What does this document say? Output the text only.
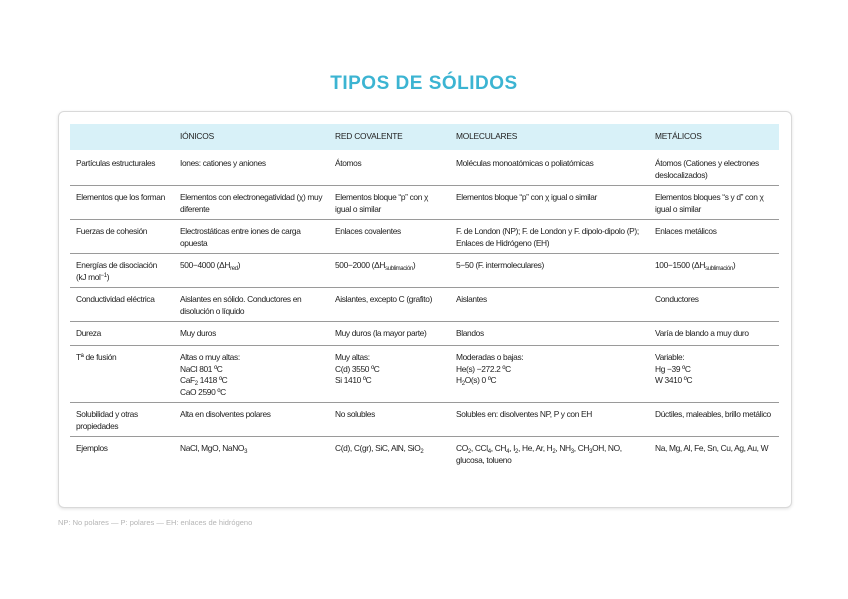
TIPOS DE SÓLIDOS
	IÓNICOS	RED COVALENTE	MOLECULARES	METÁLICOS
Partículas estructurales	Iones: cationes y aniones	Átomos	Moléculas monoatómicas o poliatómicas	Átomos (Cationes y electrones deslocalizados)
Elementos que los forman	Elementos con electronegatividad (χ) muy diferente	Elementos bloque “p” con χ igual o similar	Elementos bloque “p” con χ igual o similar	Elementos bloques “s y d” con χ igual o similar
Fuerzas de cohesión	Electrostáticas entre iones de carga opuesta	Enlaces covalentes	F. de London (NP); F. de London y F. dipolo-dipolo (P); Enlaces de Hidrógeno (EH)	Enlaces metálicos
Energías de disociación (kJ mol$^{-1}$)	500−4000 $(\Delta H_{red})$	500−2000 $(\Delta H_{sublimación})$	5−50 (F. intermoleculares)	100−1500 $(\Delta H_{sublimación})$
Conductividad eléctrica	Aislantes en sólido. Conductores en disolución o líquido	Aislantes, excepto C (grafito)	Aislantes	Conductores
Dureza	Muy duros	Muy duros (la mayor parte)	Blandos	Varía de blando a muy duro
Tª de fusión	Altas o muy altas:
NaCl 801 ºC
CaF$_2$ 1418 ºC
CaO 2590 ºC	Muy altas:
C(d) 3550 ºC
Si 1410 ºC	Moderadas o bajas:
He(s) −272.2 ºC
$H_2O(s)$ 0 ºC	Variable:
Hg −39 ºC
W 3410 ºC

Solubilidad y otras propiedades	Alta en disolventes polares	No solubles	Solubles en: disolventes NP, P y con EH	Dúctiles, maleables, brillo metálico
Ejemplos	NaCl, MgO, NaNO$_3$	C(d), C(gr), SiC, AlN, SiO$_2$	$CO_2$, CCl$_4$, $CH_4$, $I_2$, He, Ar, $H_2$, $NH_3$, $CH_3OH$, NO, glucosa, tolueno	Na, Mg, Al, Fe, Sn, Cu, Ag, Au, W
NP: No polares — P: polares — EH: enlaces de hidrógeno
